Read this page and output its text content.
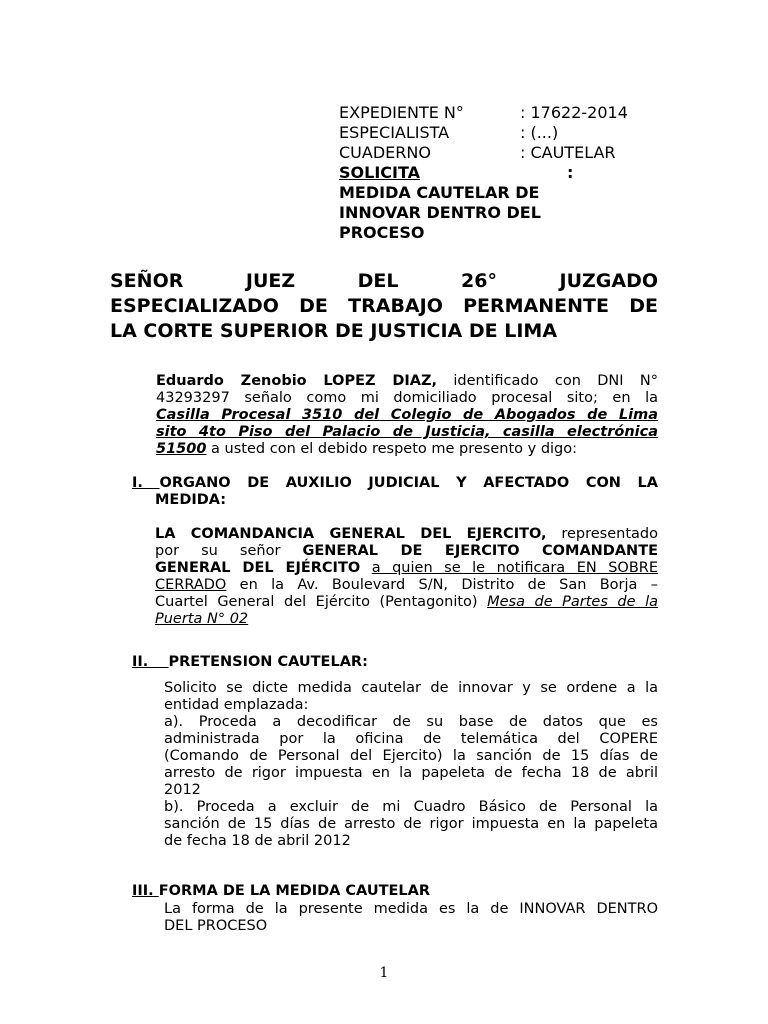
EXPEDIENTE N°	: 17622-2014
ESPECIALISTA	: (...)
CUADERNO	: CAUTELAR
SOLICITA	:
MEDIDA CAUTELAR DE
INNOVAR DENTRO DEL
PROCESO
SEÑOR	JUEZ	DEL	26°	JUZGADO
ESPECIALIZADO DE TRABAJO PERMANENTE DE
LA CORTE SUPERIOR DE JUSTICIA DE LIMA
Eduardo Zenobio LOPEZ DIAZ, identificado con DNI N°
43293297 señalo como mi domiciliado procesal sito; en la
Casilla Procesal 3510 del Colegio de Abogados de Lima
sito 4to Piso del Palacio de Justicia, casilla electrónica
51500 a usted con el debido respeto me presento y digo:
I. ORGANO DE AUXILIO JUDICIAL Y AFECTADO CON LA
MEDIDA:
LA COMANDANCIA GENERAL DEL EJERCITO, representado
por su señor GENERAL DE EJERCITO COMANDANTE
GENERAL DEL EJÉRCITO a quien se le notificara EN SOBRE
CERRADO en la Av. Boulevard S/N, Distrito de San Borja –
Cuartel General del Ejército (Pentagonito) Mesa de Partes de la
Puerta N° 02
II.    PRETENSION CAUTELAR:
Solicito se dicte medida cautelar de innovar y se ordene a la
entidad emplazada:
a). Proceda a decodificar de su base de datos que es
administrada por la oficina de telemática del COPERE
(Comando de Personal del Ejercito) la sanción de 15 días de
arresto de rigor impuesta en la papeleta de fecha 18 de abril
2012
b). Proceda a excluir de mi Cuadro Básico de Personal la
sanción de 15 días de arresto de rigor impuesta en la papeleta
de fecha 18 de abril 2012
III. FORMA DE LA MEDIDA CAUTELAR
La forma de la presente medida es la de INNOVAR DENTRO
DEL PROCESO
1
